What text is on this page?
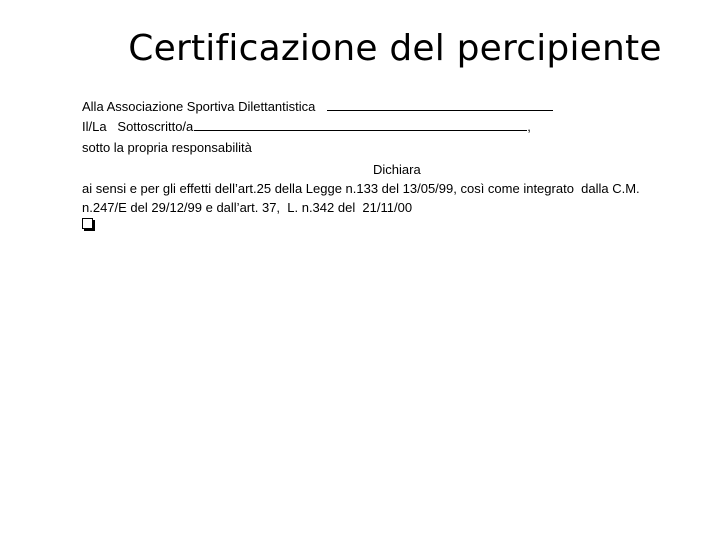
Certificazione del percipiente
Alla Associazione Sportiva Dilettantistica
Il/La   Sottoscritto/a	,
sotto la propria responsabilità
Dichiara
ai sensi e per gli effetti dell’art.25 della Legge n.133 del 13/05/99, così come integrato  dalla C.M.
n.247/E del 29/12/99 e dall’art. 37,  L. n.342 del  21/11/00
